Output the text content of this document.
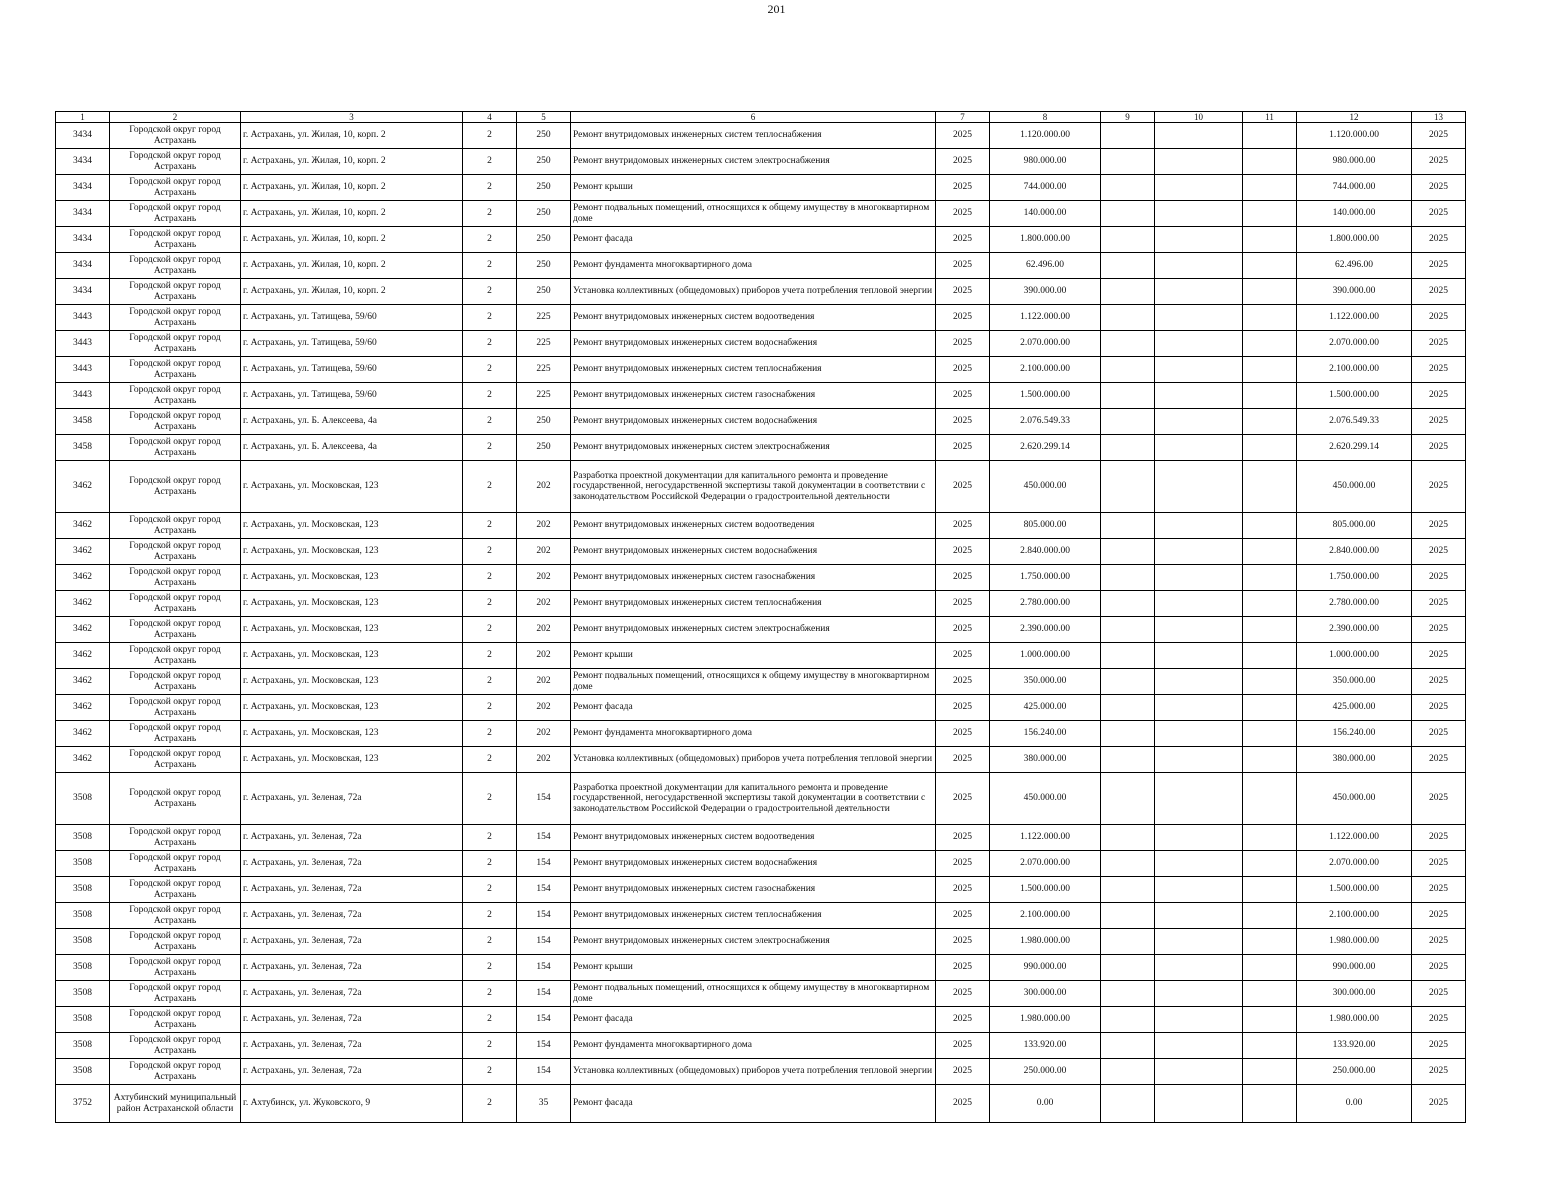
201
1	2	3	4	5	6	7	8	9	10	11	12	13
3434	Городской округ город Астрахань	г. Астрахань, ул. Жилая, 10, корп. 2	2	250	Ремонт внутридомовых инженерных систем теплоснабжения	2025	1.120.000.00				1.120.000.00	2025
3434	Городской округ город Астрахань	г. Астрахань, ул. Жилая, 10, корп. 2	2	250	Ремонт внутридомовых инженерных систем электроснабжения	2025	980.000.00				980.000.00	2025
3434	Городской округ город Астрахань	г. Астрахань, ул. Жилая, 10, корп. 2	2	250	Ремонт крыши	2025	744.000.00				744.000.00	2025
3434	Городской округ город Астрахань	г. Астрахань, ул. Жилая, 10, корп. 2	2	250	Ремонт подвальных помещений, относящихся к общему имуществу в многоквартирном доме	2025	140.000.00				140.000.00	2025
3434	Городской округ город Астрахань	г. Астрахань, ул. Жилая, 10, корп. 2	2	250	Ремонт фасада	2025	1.800.000.00				1.800.000.00	2025
3434	Городской округ город Астрахань	г. Астрахань, ул. Жилая, 10, корп. 2	2	250	Ремонт фундамента многоквартирного дома	2025	62.496.00				62.496.00	2025
3434	Городской округ город Астрахань	г. Астрахань, ул. Жилая, 10, корп. 2	2	250	Установка коллективных (общедомовых) приборов учета потребления тепловой энергии	2025	390.000.00				390.000.00	2025
3443	Городской округ город Астрахань	г. Астрахань, ул. Татищева, 59/60	2	225	Ремонт внутридомовых инженерных систем водоотведения	2025	1.122.000.00				1.122.000.00	2025
3443	Городской округ город Астрахань	г. Астрахань, ул. Татищева, 59/60	2	225	Ремонт внутридомовых инженерных систем водоснабжения	2025	2.070.000.00				2.070.000.00	2025
3443	Городской округ город Астрахань	г. Астрахань, ул. Татищева, 59/60	2	225	Ремонт внутридомовых инженерных систем теплоснабжения	2025	2.100.000.00				2.100.000.00	2025
3443	Городской округ город Астрахань	г. Астрахань, ул. Татищева, 59/60	2	225	Ремонт внутридомовых инженерных систем газоснабжения	2025	1.500.000.00				1.500.000.00	2025
3458	Городской округ город Астрахань	г. Астрахань, ул. Б. Алексеева, 4а	2	250	Ремонт внутридомовых инженерных систем водоснабжения	2025	2.076.549.33				2.076.549.33	2025
3458	Городской округ город Астрахань	г. Астрахань, ул. Б. Алексеева, 4а	2	250	Ремонт внутридомовых инженерных систем электроснабжения	2025	2.620.299.14				2.620.299.14	2025
3462	Городской округ город Астрахань	г. Астрахань, ул. Московская, 123	2	202	Разработка проектной документации для капитального ремонта и проведение государственной, негосударственной экспертизы такой документации в соответствии с законодательством Российской Федерации о градостроительной деятельности	2025	450.000.00				450.000.00	2025
3462	Городской округ город Астрахань	г. Астрахань, ул. Московская, 123	2	202	Ремонт внутридомовых инженерных систем водоотведения	2025	805.000.00				805.000.00	2025
3462	Городской округ город Астрахань	г. Астрахань, ул. Московская, 123	2	202	Ремонт внутридомовых инженерных систем водоснабжения	2025	2.840.000.00				2.840.000.00	2025
3462	Городской округ город Астрахань	г. Астрахань, ул. Московская, 123	2	202	Ремонт внутридомовых инженерных систем газоснабжения	2025	1.750.000.00				1.750.000.00	2025
3462	Городской округ город Астрахань	г. Астрахань, ул. Московская, 123	2	202	Ремонт внутридомовых инженерных систем теплоснабжения	2025	2.780.000.00				2.780.000.00	2025
3462	Городской округ город Астрахань	г. Астрахань, ул. Московская, 123	2	202	Ремонт внутридомовых инженерных систем электроснабжения	2025	2.390.000.00				2.390.000.00	2025
3462	Городской округ город Астрахань	г. Астрахань, ул. Московская, 123	2	202	Ремонт крыши	2025	1.000.000.00				1.000.000.00	2025
3462	Городской округ город Астрахань	г. Астрахань, ул. Московская, 123	2	202	Ремонт подвальных помещений, относящихся к общему имуществу в многоквартирном доме	2025	350.000.00				350.000.00	2025
3462	Городской округ город Астрахань	г. Астрахань, ул. Московская, 123	2	202	Ремонт фасада	2025	425.000.00				425.000.00	2025
3462	Городской округ город Астрахань	г. Астрахань, ул. Московская, 123	2	202	Ремонт фундамента многоквартирного дома	2025	156.240.00				156.240.00	2025
3462	Городской округ город Астрахань	г. Астрахань, ул. Московская, 123	2	202	Установка коллективных (общедомовых) приборов учета потребления тепловой энергии	2025	380.000.00				380.000.00	2025
3508	Городской округ город Астрахань	г. Астрахань, ул. Зеленая, 72а	2	154	Разработка проектной документации для капитального ремонта и проведение государственной, негосударственной экспертизы такой документации в соответствии с законодательством Российской Федерации о градостроительной деятельности	2025	450.000.00				450.000.00	2025
3508	Городской округ город Астрахань	г. Астрахань, ул. Зеленая, 72а	2	154	Ремонт внутридомовых инженерных систем водоотведения	2025	1.122.000.00				1.122.000.00	2025
3508	Городской округ город Астрахань	г. Астрахань, ул. Зеленая, 72а	2	154	Ремонт внутридомовых инженерных систем водоснабжения	2025	2.070.000.00				2.070.000.00	2025
3508	Городской округ город Астрахань	г. Астрахань, ул. Зеленая, 72а	2	154	Ремонт внутридомовых инженерных систем газоснабжения	2025	1.500.000.00				1.500.000.00	2025
3508	Городской округ город Астрахань	г. Астрахань, ул. Зеленая, 72а	2	154	Ремонт внутридомовых инженерных систем теплоснабжения	2025	2.100.000.00				2.100.000.00	2025
3508	Городской округ город Астрахань	г. Астрахань, ул. Зеленая, 72а	2	154	Ремонт внутридомовых инженерных систем электроснабжения	2025	1.980.000.00				1.980.000.00	2025
3508	Городской округ город Астрахань	г. Астрахань, ул. Зеленая, 72а	2	154	Ремонт крыши	2025	990.000.00				990.000.00	2025
3508	Городской округ город Астрахань	г. Астрахань, ул. Зеленая, 72а	2	154	Ремонт подвальных помещений, относящихся к общему имуществу в многоквартирном доме	2025	300.000.00				300.000.00	2025
3508	Городской округ город Астрахань	г. Астрахань, ул. Зеленая, 72а	2	154	Ремонт фасада	2025	1.980.000.00				1.980.000.00	2025
3508	Городской округ город Астрахань	г. Астрахань, ул. Зеленая, 72а	2	154	Ремонт фундамента многоквартирного дома	2025	133.920.00				133.920.00	2025
3508	Городской округ город Астрахань	г. Астрахань, ул. Зеленая, 72а	2	154	Установка коллективных (общедомовых) приборов учета потребления тепловой энергии	2025	250.000.00				250.000.00	2025
3752	Ахтубинский муниципальный район Астраханской области	г. Ахтубинск, ул. Жуковского, 9	2	35	Ремонт фасада	2025	0.00				0.00	2025
